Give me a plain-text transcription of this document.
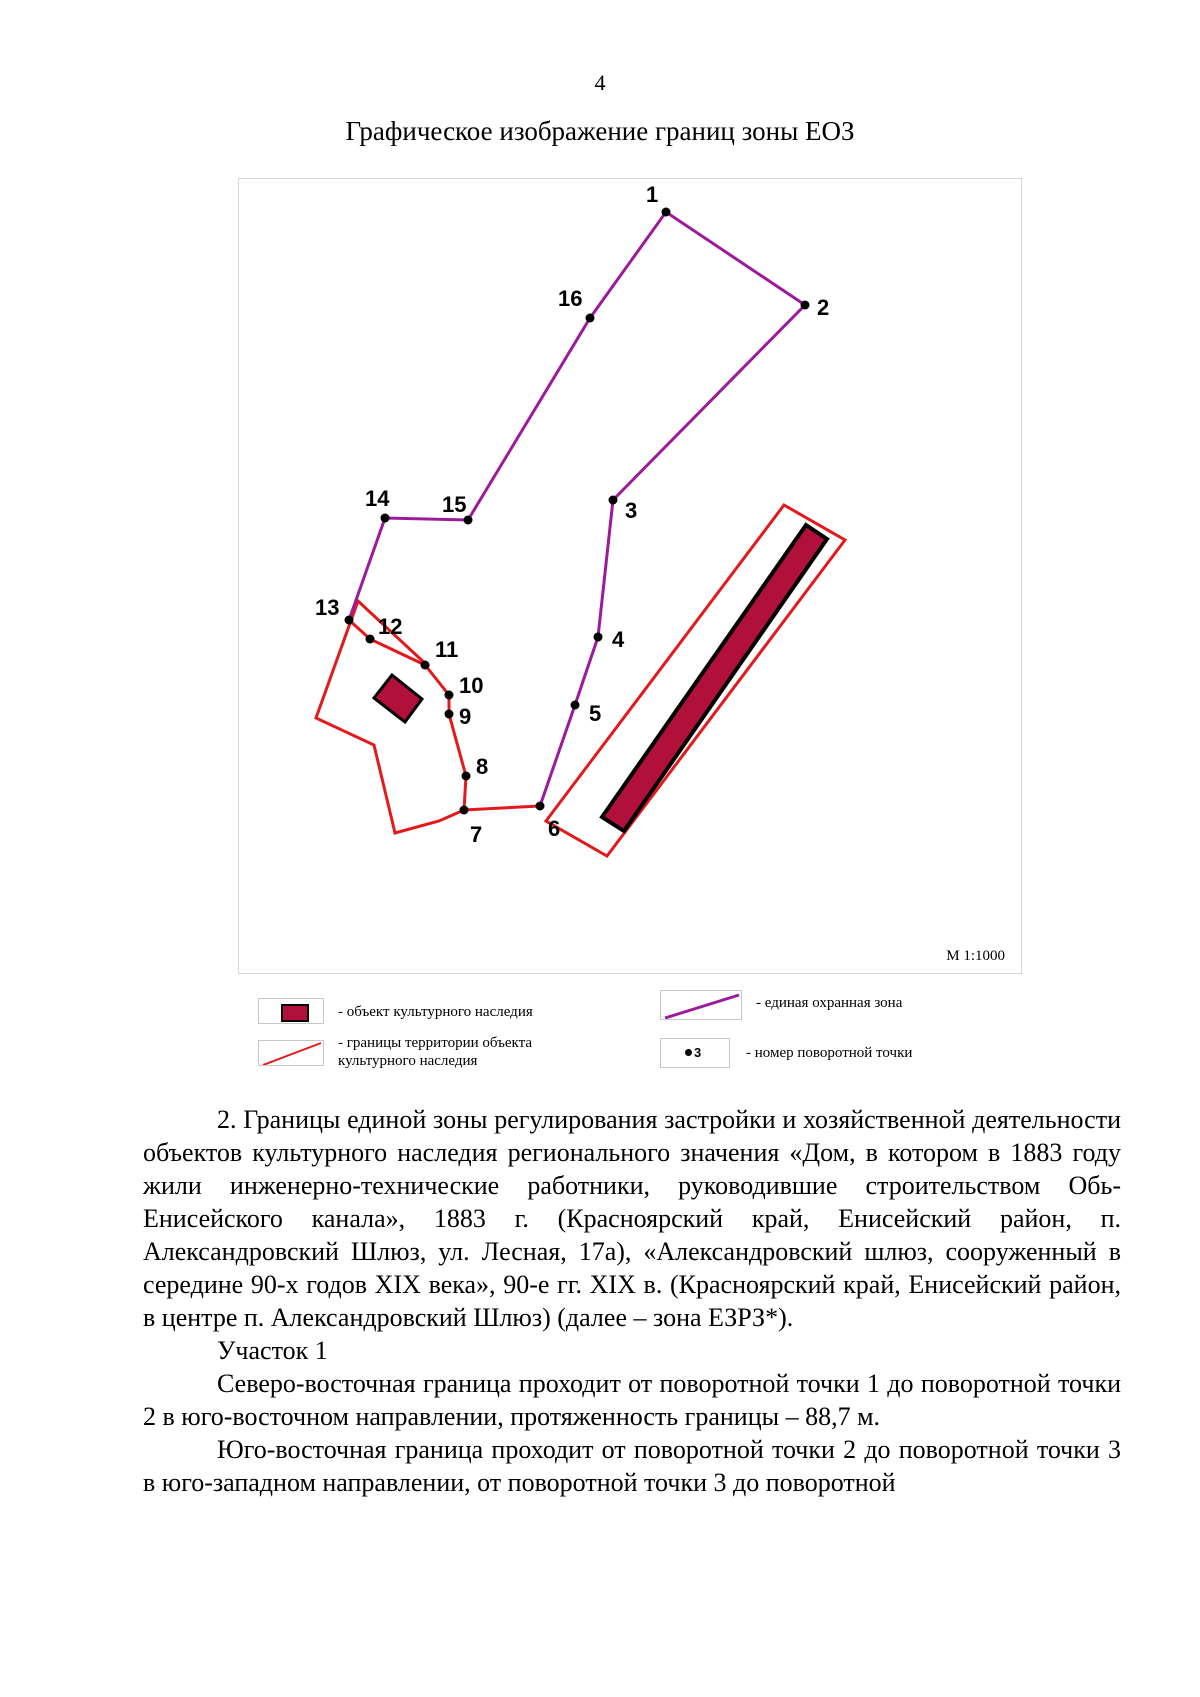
4
Графическое изображение границ зоны ЕОЗ
1
2
3
4
5
6
7
8
9
10
11
12
13
14 15
16
М 1:1000
- объект культурного наследия
- границы территории объекта культурного наследия
- единая охранная зона
3	- номер поворотной точки

2. Границы единой зоны регулирования застройки и хозяйственной деятельности объектов культурного наследия регионального значения «Дом, в котором в 1883 году жили инженерно-технические работники, руководившие строительством Обь-Енисейского канала», 1883 г. (Красноярский край, Енисейский район, п. Александровский Шлюз, ул. Лесная, 17а), «Александровский шлюз, сооруженный в середине 90-х годов XIX века», 90-е гг. XIX в. (Красноярский край, Енисейский район, в центре п. Александровский Шлюз) (далее – зона ЕЗРЗ*).

Участок 1

Северо-восточная граница проходит от поворотной точки 1 до поворотной точки 2 в юго-восточном направлении, протяженность границы – 88,7 м.

Юго-восточная граница проходит от поворотной точки 2 до поворотной точки 3 в юго-западном направлении, от поворотной точки 3 до поворотной
